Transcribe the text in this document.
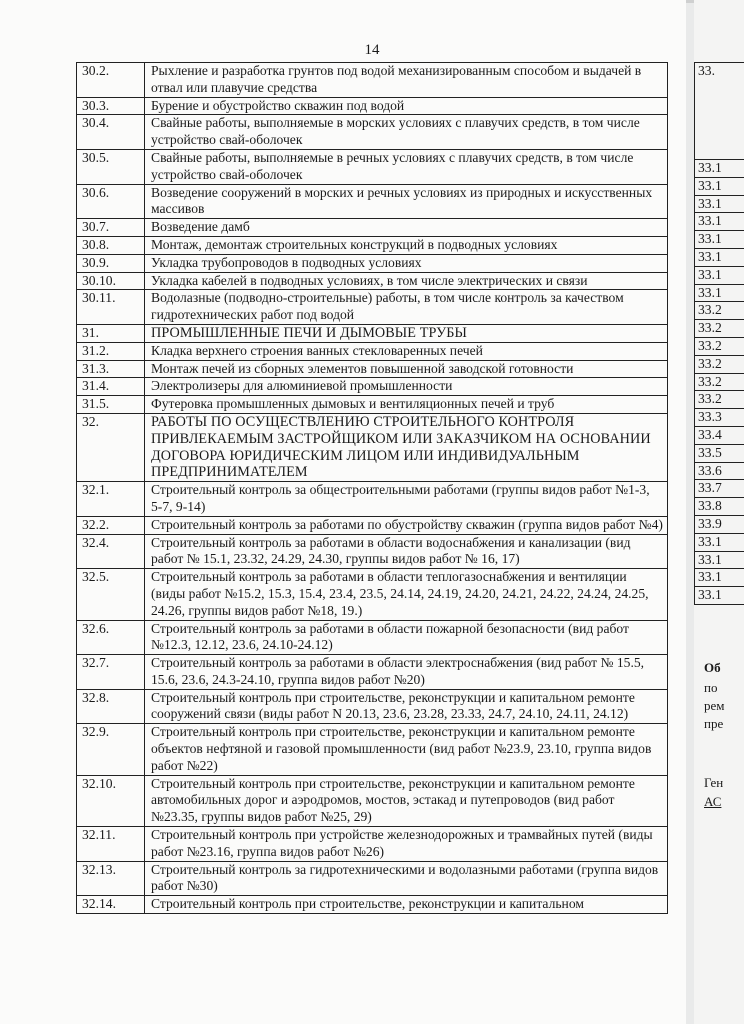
14
30.2.	Рыхление и разработка грунтов под водой механизированным способом и выдачей в отвал или плавучие средства
30.3.	Бурение и обустройство скважин под водой
30.4.	Свайные работы, выполняемые в морских условиях с плавучих средств, в том числе устройство свай-оболочек
30.5.	Свайные работы, выполняемые в речных условиях с плавучих средств, в том числе устройство свай-оболочек
30.6.	Возведение сооружений в морских и речных условиях из природных и искусственных массивов
30.7.	Возведение дамб
30.8.	Монтаж, демонтаж строительных конструкций в подводных условиях
30.9.	Укладка трубопроводов в подводных условиях
30.10.	Укладка кабелей в подводных условиях, в том числе электрических и связи
30.11.	Водолазные (подводно-строительные) работы, в том числе контроль за качеством гидротехнических работ под водой
31.	ПРОМЫШЛЕННЫЕ ПЕЧИ И ДЫМОВЫЕ ТРУБЫ
31.2.	Кладка верхнего строения ванных стекловаренных печей
31.3.	Монтаж печей из сборных элементов повышенной заводской готовности
31.4.	Электролизеры для алюминиевой промышленности
31.5.	Футеровка промышленных дымовых и вентиляционных печей и труб
32.	РАБОТЫ ПО ОСУЩЕСТВЛЕНИЮ СТРОИТЕЛЬНОГО КОНТРОЛЯ ПРИВЛЕКАЕМЫМ ЗАСТРОЙЩИКОМ ИЛИ ЗАКАЗЧИКОМ НА ОСНОВАНИИ ДОГОВОРА ЮРИДИЧЕСКИМ ЛИЦОМ ИЛИ ИНДИВИДУАЛЬНЫМ ПРЕДПРИНИМАТЕЛЕМ
32.1.	Строительный контроль за общестроительными работами (группы видов работ №1-3, 5-7, 9-14)
32.2.	Строительный контроль за работами по обустройству скважин (группа видов работ №4)
32.4.	Строительный контроль за работами в области водоснабжения и канализации (вид работ № 15.1, 23.32, 24.29, 24.30, группы видов работ № 16, 17)
32.5.	Строительный контроль за работами в области теплогазоснабжения и вентиляции (виды работ №15.2, 15.3, 15.4, 23.4, 23.5, 24.14, 24.19, 24.20, 24.21, 24.22, 24.24, 24.25, 24.26, группы видов работ №18, 19.)
32.6.	Строительный контроль за работами в области пожарной безопасности (вид работ №12.3, 12.12, 23.6, 24.10-24.12)
32.7.	Строительный контроль за работами в области электроснабжения (вид работ № 15.5, 15.6, 23.6, 24.3-24.10, группа видов работ №20)
32.8.	Строительный контроль при строительстве, реконструкции и капитальном ремонте сооружений связи (виды работ N 20.13, 23.6, 23.28, 23.33, 24.7, 24.10, 24.11, 24.12)
32.9.	Строительный контроль при строительстве, реконструкции и капитальном ремонте объектов нефтяной и газовой промышленности (вид работ №23.9, 23.10, группа видов работ №22)
32.10.	Строительный контроль при строительстве, реконструкции и капитальном ремонте автомобильных дорог и аэродромов, мостов, эстакад и путепроводов (вид работ №23.35, группы видов работ №25, 29)
32.11.	Строительный контроль при устройстве железнодорожных и трамвайных путей (виды работ №23.16, группа видов работ №26)
32.13.	Строительный контроль за гидротехническими и водолазными работами (группа видов работ №30)
32.14.	Строительный контроль при строительстве, реконструкции и капитальном
33.
33.1
33.1
33.1
33.1
33.1
33.1
33.1
33.1
33.2
33.2
33.2
33.2
33.2
33.2
33.3
33.4
33.5
33.6
33.7
33.8
33.9
33.1
33.1
33.1
33.1
Об
по
рем
пре
Ген
АС
